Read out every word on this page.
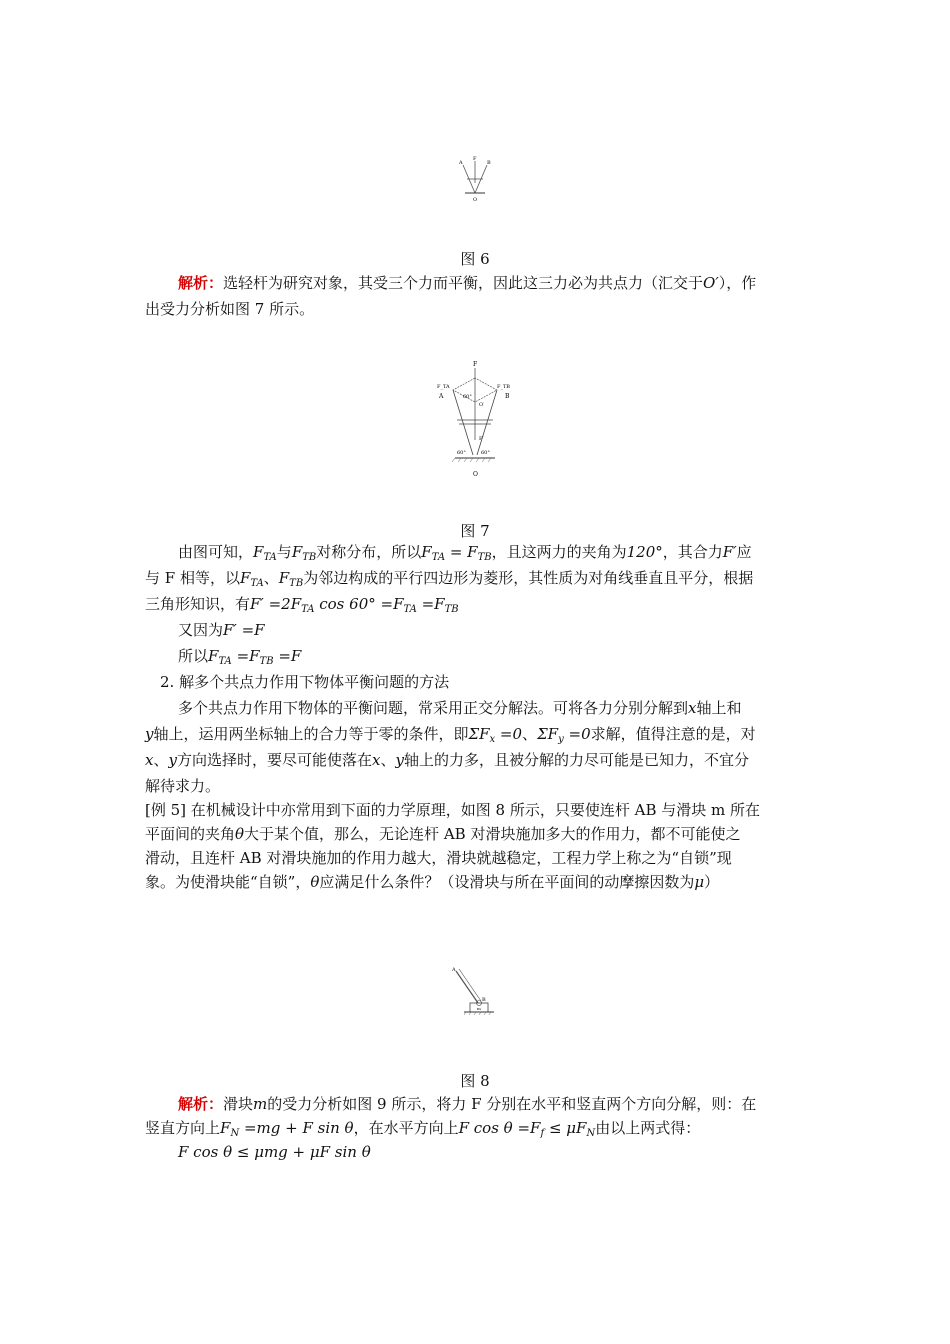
A
F
B
O
图 6
解析：选轻杆为研究对象，其受三个力而平衡，因此这三力必为共点力（汇交于O′），作
出受力分析如图 7 所示。
F
F_TA	F_TB
A	B
60°
O′
F′
60°	60°
O
图 7
由图可知，$F_{TA}$与$F_{TB}$对称分布，所以$F_{TA} = F_{TB}$，且这两力的夹角为120°，其合力F′应
与 F 相等，以$F_{TA}$、$F_{TB}$为邻边构成的平行四边形为菱形，其性质为对角线垂直且平分，根据
三角形知识，有$F' =2F_{TA}$ $\cos 60^\circ =F_{TA} =F_{TB}$
又因为F′ =F
所以$F_{TA} =F_{TB} =F$
2. 解多个共点力作用下物体平衡问题的方法
多个共点力作用下物体的平衡问题，常采用正交分解法。可将各力分别分解到x轴上和
y轴上，运用两坐标轴上的合力等于零的条件，即$\Sigma F_x =0$、$\Sigma F_y =0$求解，值得注意的是，对
x、y方向选择时，要尽可能使落在x、y轴上的力多，且被分解的力尽可能是已知力，不宜分
解待求力。
[例 5] 在机械设计中亦常用到下面的力学原理，如图 8 所示，只要使连杆 AB 与滑块 m 所在
平面间的夹角θ大于某个值，那么，无论连杆 AB 对滑块施加多大的作用力，都不可能使之
滑动，且连杆 AB 对滑块施加的作用力越大，滑块就越稳定，工程力学上称之为“自锁”现
象。为使滑块能“自锁”，θ应满足什么条件？（设滑块与所在平面间的动摩擦因数为μ）
A
B
m
图 8
解析：滑块m的受力分析如图 9 所示，将力 F 分别在水平和竖直两个方向分解，则：在
竖直方向上$F_N =mg + F$ sin θ，在水平方向上F $\cos \theta =F_f \le \mu F_N$由以上两式得：
F cos θ ≤ μmg + μF sin θ
